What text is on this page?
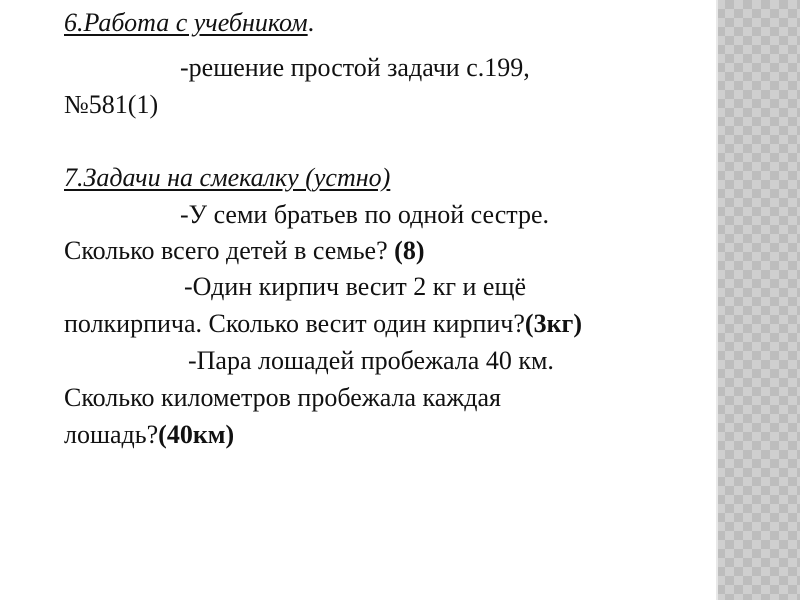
6.Работа с учебником.
-решение простой задачи с.199,
№581(1)
7.Задачи на смекалку (устно)
-У семи братьев по одной сестре.
Сколько всего детей в семье? (8)
-Один кирпич весит 2 кг и ещё
полкирпича. Сколько весит один кирпич?(3кг)
-Пара лошадей пробежала 40 км.
Сколько километров пробежала каждая
лошадь?(40км)
